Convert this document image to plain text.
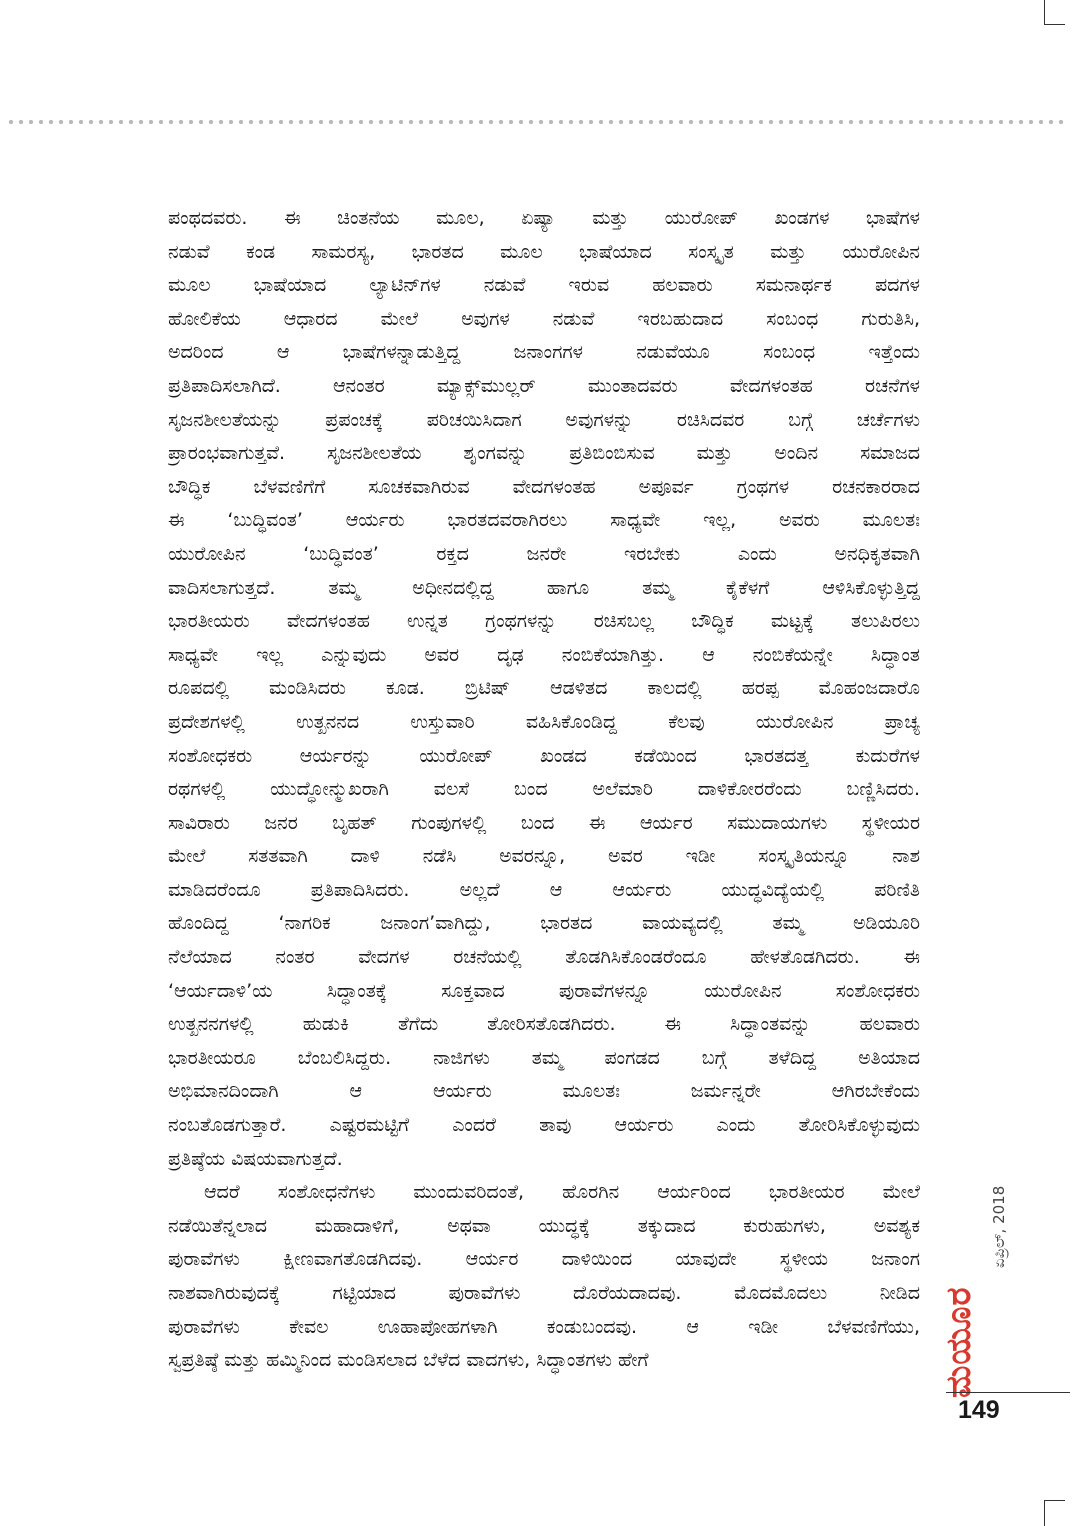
ಪಂಥದವರು. ಈ ಚಿಂತನೆಯ ಮೂಲ, ಏಷ್ಯಾ ಮತ್ತು ಯುರೋಪ್ ಖಂಡಗಳ ಭಾಷೆಗಳ
ನಡುವೆ ಕಂಡ ಸಾಮರಸ್ಯ, ಭಾರತದ ಮೂಲ ಭಾಷೆಯಾದ ಸಂಸ್ಕೃತ ಮತ್ತು ಯುರೋಪಿನ
ಮೂಲ ಭಾಷೆಯಾದ ಲ್ಯಾಟಿನ್‌ಗಳ ನಡುವೆ ಇರುವ ಹಲವಾರು ಸಮನಾರ್ಥಕ ಪದಗಳ
ಹೋಲಿಕೆಯ ಆಧಾರದ ಮೇಲೆ ಅವುಗಳ ನಡುವೆ ಇರಬಹುದಾದ ಸಂಬಂಧ ಗುರುತಿಸಿ,
ಅದರಿಂದ ಆ ಭಾಷೆಗಳನ್ನಾಡುತ್ತಿದ್ದ ಜನಾಂಗಗಳ ನಡುವೆಯೂ ಸಂಬಂಧ ಇತ್ತೆಂದು
ಪ್ರತಿಪಾದಿಸಲಾಗಿದೆ. ಆನಂತರ ಮ್ಯಾಕ್ಸ್‌ಮುಲ್ಲರ್ ಮುಂತಾದವರು ವೇದಗಳಂತಹ ರಚನೆಗಳ
ಸೃಜನಶೀಲತೆಯನ್ನು ಪ್ರಪಂಚಕ್ಕೆ ಪರಿಚಯಿಸಿದಾಗ ಅವುಗಳನ್ನು ರಚಿಸಿದವರ ಬಗ್ಗೆ ಚರ್ಚೆಗಳು
ಪ್ರಾರಂಭವಾಗುತ್ತವೆ. ಸೃಜನಶೀಲತೆಯ ಶೃಂಗವನ್ನು ಪ್ರತಿಬಿಂಬಿಸುವ ಮತ್ತು ಅಂದಿನ ಸಮಾಜದ
ಬೌದ್ಧಿಕ ಬೆಳವಣಿಗೆಗೆ ಸೂಚಕವಾಗಿರುವ ವೇದಗಳಂತಹ ಅಪೂರ್ವ ಗ್ರಂಥಗಳ ರಚನಕಾರರಾದ
ಈ ‘ಬುದ್ಧಿವಂತ’ ಆರ್ಯರು ಭಾರತದವರಾಗಿರಲು ಸಾಧ್ಯವೇ ಇಲ್ಲ, ಅವರು ಮೂಲತಃ
ಯುರೋಪಿನ ‘ಬುದ್ಧಿವಂತ’ ರಕ್ತದ ಜನರೇ ಇರಬೇಕು ಎಂದು ಅನಧಿಕೃತವಾಗಿ
ವಾದಿಸಲಾಗುತ್ತದೆ. ತಮ್ಮ ಅಧೀನದಲ್ಲಿದ್ದ ಹಾಗೂ ತಮ್ಮ ಕೈಕೆಳಗೆ ಆಳಿಸಿಕೊಳ್ಳುತ್ತಿದ್ದ
ಭಾರತೀಯರು ವೇದಗಳಂತಹ ಉನ್ನತ ಗ್ರಂಥಗಳನ್ನು ರಚಿಸಬಲ್ಲ ಬೌದ್ಧಿಕ ಮಟ್ಟಕ್ಕೆ ತಲುಪಿರಲು
ಸಾಧ್ಯವೇ ಇಲ್ಲ ಎನ್ನುವುದು ಅವರ ದೃಢ ನಂಬಿಕೆಯಾಗಿತ್ತು. ಆ ನಂಬಿಕೆಯನ್ನೇ ಸಿದ್ಧಾಂತ
ರೂಪದಲ್ಲಿ ಮಂಡಿಸಿದರು ಕೂಡ. ಬ್ರಿಟಿಷ್ ಆಡಳಿತದ ಕಾಲದಲ್ಲಿ ಹರಪ್ಪ ಮೊಹಂಜದಾರೊ
ಪ್ರದೇಶಗಳಲ್ಲಿ ಉತ್ಖನನದ ಉಸ್ತುವಾರಿ ವಹಿಸಿಕೊಂಡಿದ್ದ ಕೆಲವು ಯುರೋಪಿನ ಪ್ರಾಚ್ಯ
ಸಂಶೋಧಕರು ಆರ್ಯರನ್ನು ಯುರೋಪ್ ಖಂಡದ ಕಡೆಯಿಂದ ಭಾರತದತ್ತ ಕುದುರೆಗಳ
ರಥಗಳಲ್ಲಿ ಯುದ್ಧೋನ್ಮುಖರಾಗಿ ವಲಸೆ ಬಂದ ಅಲೆಮಾರಿ ದಾಳಿಕೋರರೆಂದು ಬಣ್ಣಿಸಿದರು.
ಸಾವಿರಾರು ಜನರ ಬೃಹತ್ ಗುಂಪುಗಳಲ್ಲಿ ಬಂದ ಈ ಆರ್ಯರ ಸಮುದಾಯಗಳು ಸ್ಥಳೀಯರ
ಮೇಲೆ ಸತತವಾಗಿ ದಾಳಿ ನಡೆಸಿ ಅವರನ್ನೂ, ಅವರ ಇಡೀ ಸಂಸ್ಕೃತಿಯನ್ನೂ ನಾಶ
ಮಾಡಿದರೆಂದೂ ಪ್ರತಿಪಾದಿಸಿದರು. ಅಲ್ಲದೆ ಆ ಆರ್ಯರು ಯುದ್ಧವಿದ್ಯೆಯಲ್ಲಿ ಪರಿಣಿತಿ
ಹೊಂದಿದ್ದ ‘ನಾಗರಿಕ ಜನಾಂಗ’ವಾಗಿದ್ದು, ಭಾರತದ ವಾಯವ್ಯದಲ್ಲಿ ತಮ್ಮ ಅಡಿಯೂರಿ
ನೆಲೆಯಾದ ನಂತರ ವೇದಗಳ ರಚನೆಯಲ್ಲಿ ತೊಡಗಿಸಿಕೊಂಡರೆಂದೂ ಹೇಳತೊಡಗಿದರು. ಈ
‘ಆರ್ಯದಾಳಿ’ಯ ಸಿದ್ಧಾಂತಕ್ಕೆ ಸೂಕ್ತವಾದ ಪುರಾವೆಗಳನ್ನೂ ಯುರೋಪಿನ ಸಂಶೋಧಕರು
ಉತ್ಖನನಗಳಲ್ಲಿ ಹುಡುಕಿ ತೆಗೆದು ತೋರಿಸತೊಡಗಿದರು. ಈ ಸಿದ್ಧಾಂತವನ್ನು ಹಲವಾರು
ಭಾರತೀಯರೂ ಬೆಂಬಲಿಸಿದ್ದರು. ನಾಜಿಗಳು ತಮ್ಮ ಪಂಗಡದ ಬಗ್ಗೆ ತಳೆದಿದ್ದ ಅತಿಯಾದ
ಅಭಿಮಾನದಿಂದಾಗಿ ಆ ಆರ್ಯರು ಮೂಲತಃ ಜರ್ಮನ್ನರೇ ಆಗಿರಬೇಕೆಂದು
ನಂಬತೊಡಗುತ್ತಾರೆ. ಎಷ್ಟರಮಟ್ಟಿಗೆ ಎಂದರೆ ತಾವು ಆರ್ಯರು ಎಂದು ತೋರಿಸಿಕೊಳ್ಳುವುದು
ಪ್ರತಿಷ್ಠೆಯ ವಿಷಯವಾಗುತ್ತದೆ.
ಆದರೆ ಸಂಶೋಧನೆಗಳು ಮುಂದುವರಿದಂತೆ, ಹೊರಗಿನ ಆರ್ಯರಿಂದ ಭಾರತೀಯರ ಮೇಲೆ
ನಡೆಯಿತೆನ್ನಲಾದ ಮಹಾದಾಳಿಗೆ, ಅಥವಾ ಯುದ್ಧಕ್ಕೆ ತಕ್ಕುದಾದ ಕುರುಹುಗಳು, ಅವಶ್ಯಕ
ಪುರಾವೆಗಳು ಕ್ಷೀಣವಾಗತೊಡಗಿದವು. ಆರ್ಯರ ದಾಳಿಯಿಂದ ಯಾವುದೇ ಸ್ಥಳೀಯ ಜನಾಂಗ
ನಾಶವಾಗಿರುವುದಕ್ಕೆ ಗಟ್ಟಿಯಾದ ಪುರಾವೆಗಳು ದೊರೆಯದಾದವು. ಮೊದಮೊದಲು ನೀಡಿದ
ಪುರಾವೆಗಳು ಕೇವಲ ಊಹಾಪೋಹಗಳಾಗಿ ಕಂಡುಬಂದವು. ಆ ಇಡೀ ಬೆಳವಣಿಗೆಯು,
ಸ್ವಪ್ರತಿಷ್ಠೆ ಮತ್ತು ಹಮ್ಮಿನಿಂದ ಮಂಡಿಸಲಾದ ಬೆಳೆದ ವಾದಗಳು, ಸಿದ್ಧಾಂತಗಳು ಹೇಗೆ
ಏಪ್ರಿಲ್, 2018
ಮಯೂರ
149
